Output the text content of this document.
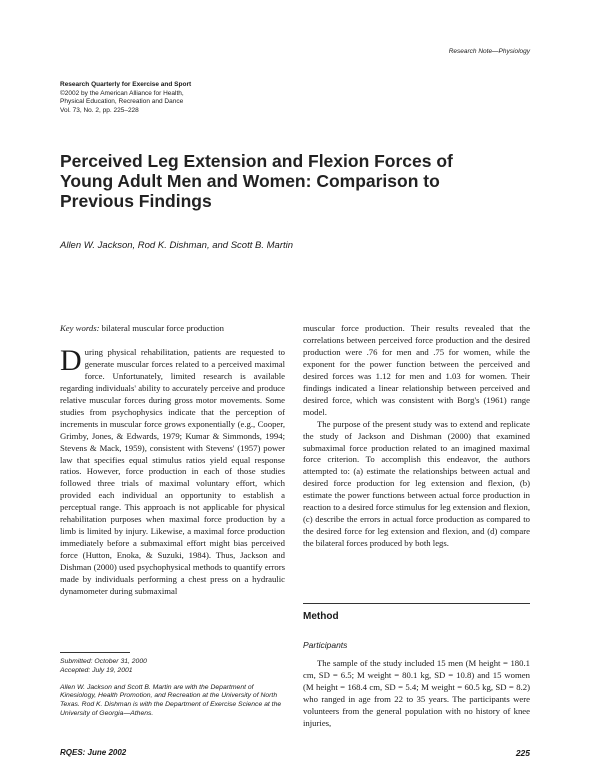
Research Note—Physiology
Research Quarterly for Exercise and Sport
©2002 by the American Alliance for Health,
Physical Education, Recreation and Dance
Vol. 73, No. 2, pp. 225–228
Perceived Leg Extension and Flexion Forces of Young Adult Men and Women: Comparison to Previous Findings
Allen W. Jackson, Rod K. Dishman, and Scott B. Martin

Key words: bilateral muscular force production

During physical rehabilitation, patients are requested to generate muscular forces related to a perceived maximal force. Unfortunately, limited research is available regarding individuals' ability to accurately perceive and produce relative muscular forces during gross motor movements. Some studies from psychophysics indicate that the perception of increments in muscular force grows exponentially (e.g., Cooper, Grimby, Jones, & Edwards, 1979; Kumar & Simmonds, 1994; Stevens & Mack, 1959), consistent with Stevens' (1957) power law that specifies equal stimulus ratios yield equal response ratios. However, force production in each of those studies followed three trials of maximal voluntary effort, which provided each individual an opportunity to establish a perceptual range. This approach is not applicable for physical rehabilitation purposes when maximal force production by a limb is limited by injury. Likewise, a maximal force production immediately before a submaximal effort might bias perceived force (Hutton, Enoka, & Suzuki, 1984). Thus, Jackson and Dishman (2000) used psychophysical methods to quantify errors made by individuals performing a chest press on a hydraulic dynamometer during submaximal

Submitted: October 31, 2000
Accepted: July 19, 2001
Allen W. Jackson and Scott B. Martin are with the Department of Kinesiology, Health Promotion, and Recreation at the University of North Texas. Rod K. Dishman is with the Department of Exercise Science at the University of Georgia—Athens.

muscular force production. Their results revealed that the correlations between perceived force production and the desired production were .76 for men and .75 for women, while the exponent for the power function between the perceived and desired forces was 1.12 for men and 1.03 for women. Their findings indicated a linear relationship between perceived and desired force, which was consistent with Borg's (1961) range model.

The purpose of the present study was to extend and replicate the study of Jackson and Dishman (2000) that examined submaximal force production related to an imagined maximal force criterion. To accomplish this endeavor, the authors attempted to: (a) estimate the relationships between actual and desired force production for leg extension and flexion, (b) estimate the power functions between actual force production in reaction to a desired force stimulus for leg extension and flexion, (c) describe the errors in actual force production as compared to the desired force for leg extension and flexion, and (d) compare the bilateral forces produced by both legs.

Method
Participants

The sample of the study included 15 men (M height = 180.1 cm, SD = 6.5; M weight = 80.1 kg, SD = 10.8) and 15 women (M height = 168.4 cm, SD = 5.4; M weight = 60.5 kg, SD = 8.2) who ranged in age from 22 to 35 years. The participants were volunteers from the general population with no history of knee injuries,

RQES: June 2002	225
